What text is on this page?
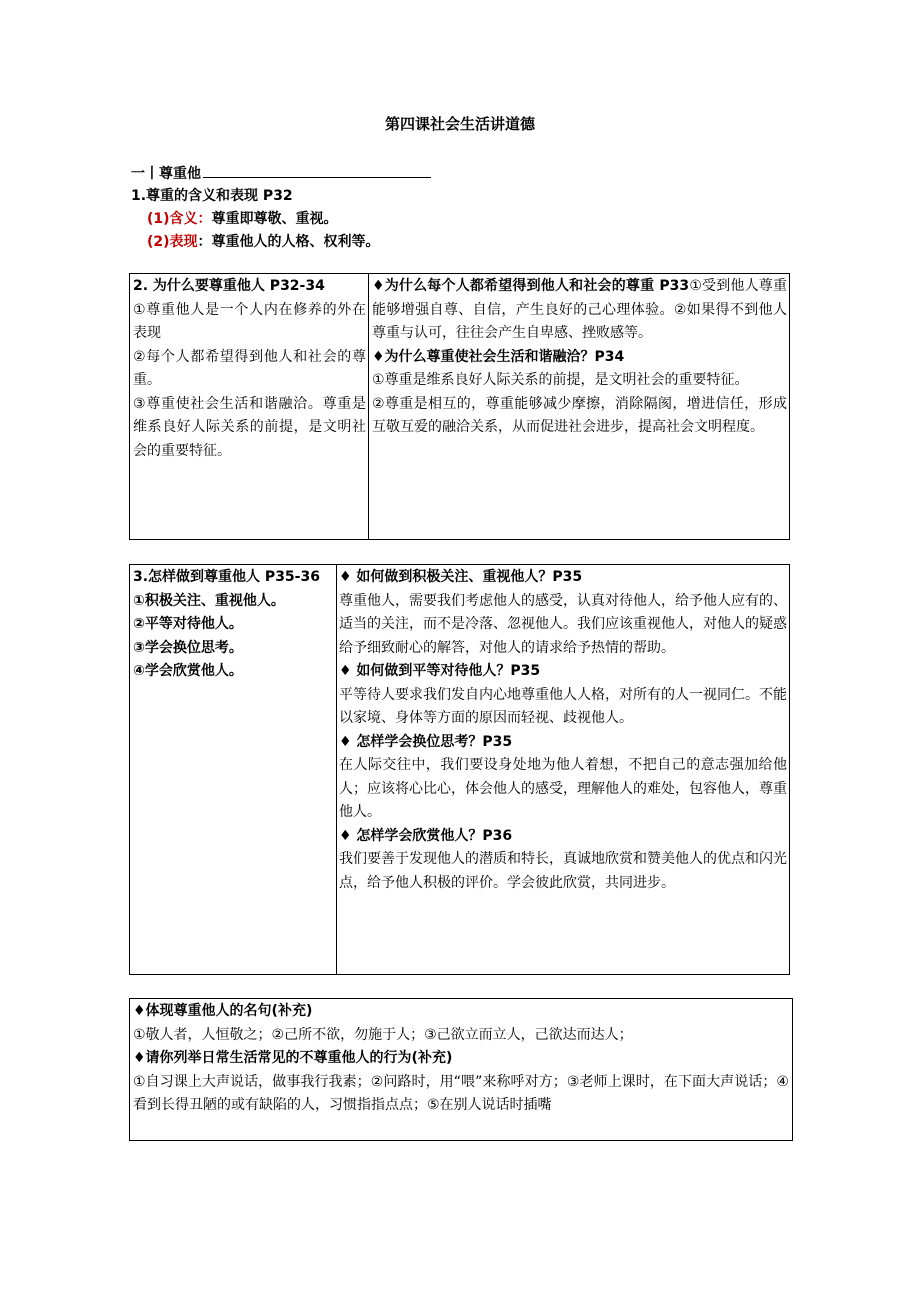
第四课社会生活讲道德
一丨尊重他
1.尊重的含义和表现 P32
(1)含义：尊重即尊敬、重视。
(2)表现：尊重他人的人格、权利等。

2. 为什么要尊重他人 P32-34

①尊重他人是一个人内在修养的外在表现

②每个人都希望得到他人和社会的尊重。

③尊重使社会生活和谐融洽。尊重是维系良好人际关系的前提，是文明社会的重要特征。

♦为什么每个人都希望得到他人和社会的尊重 P33①受到他人尊重能够增强自尊、自信，产生良好的己心理体验。②如果得不到他人尊重与认可，往往会产生自卑感、挫败感等。

♦为什么尊重使社会生活和谐融洽？P34

①尊重是维系良好人际关系的前提，是文明社会的重要特征。

②尊重是相互的，尊重能够减少摩擦，消除隔阂，增进信任，形成互敬互爱的融洽关系，从而促进社会进步，提高社会文明程度。

3.怎样做到尊重他人 P35-36

①积极关注、重视他人。

②平等对待他人。

③学会换位思考。

④学会欣赏他人。

♦ 如何做到积极关注、重视他人？P35

尊重他人，需要我们考虑他人的感受，认真对待他人，给予他人应有的、适当的关注，而不是冷落、忽视他人。我们应该重视他人，对他人的疑惑给予细致耐心的解答，对他人的请求给予热情的帮助。

♦ 如何做到平等对待他人？P35

平等待人要求我们发自内心地尊重他人人格，对所有的人一视同仁。不能以家境、身体等方面的原因而轻视、歧视他人。

♦ 怎样学会换位思考？P35

在人际交往中，我们要设身处地为他人着想，不把自己的意志强加给他人；应该将心比心，体会他人的感受，理解他人的难处，包容他人，尊重他人。

♦ 怎样学会欣赏他人？P36

我们要善于发现他人的潜质和特长，真诚地欣赏和赞美他人的优点和闪光点，给予他人积极的评价。学会彼此欣赏，共同进步。

♦体现尊重他人的名句(补充)

①敬人者，人恒敬之；②己所不欲，勿施于人；③己欲立而立人，己欲达而达人；

♦请你列举日常生活常见的不尊重他人的行为(补充)

①自习课上大声说话，做事我行我素；②问路时，用“喂”来称呼对方；③老师上课时，在下面大声说话；④看到长得丑陋的或有缺陷的人，习惯指指点点；⑤在别人说话时插嘴
